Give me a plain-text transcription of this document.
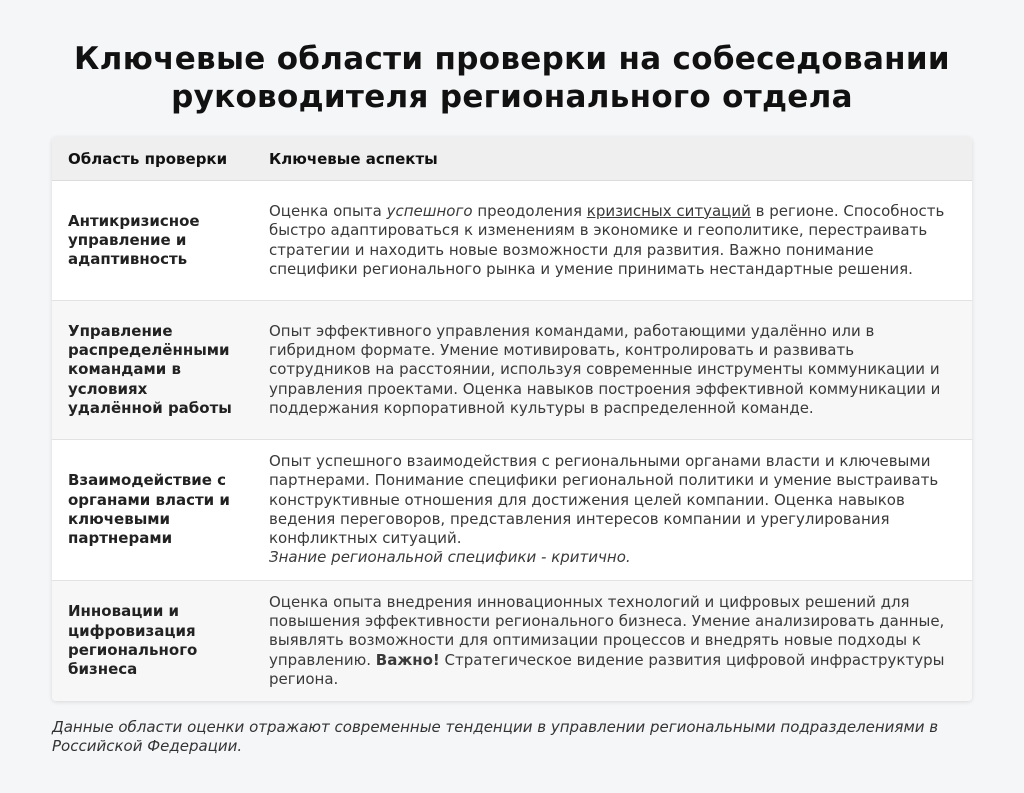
Ключевые области проверки на собеседовании
руководителя регионального отдела
Область проверки	Ключевые аспекты
Антикризисное управление и адаптивность	Оценка опыта успешного преодоления кризисных ситуаций в регионе. Способность быстро адаптироваться к изменениям в экономике и геополитике, перестраивать стратегии и находить новые возможности для развития. Важно понимание специфики регионального рынка и умение принимать нестандартные решения.
Управление распределёнными командами в условиях удалённой работы	Опыт эффективного управления командами, работающими удалённо или в гибридном формате. Умение мотивировать, контролировать и развивать сотрудников на расстоянии, используя современные инструменты коммуникации и управления проектами. Оценка навыков построения эффективной коммуникации и поддержания корпоративной культуры в распределенной команде.
Взаимодействие с органами власти и ключевыми партнерами	Опыт успешного взаимодействия с региональными органами власти и ключевыми партнерами. Понимание специфики региональной политики и умение выстраивать конструктивные отношения для достижения целей компании. Оценка навыков ведения переговоров, представления интересов компании и урегулирования конфликтных ситуаций.
Знание региональной специфики - критично.
Инновации и цифровизация регионального бизнеса	Оценка опыта внедрения инновационных технологий и цифровых решений для повышения эффективности регионального бизнеса. Умение анализировать данные, выявлять возможности для оптимизации процессов и внедрять новые подходы к управлению. Важно! Стратегическое видение развития цифровой инфраструктуры региона.
Данные области оценки отражают современные тенденции в управлении региональными подразделениями в Российской Федерации.
